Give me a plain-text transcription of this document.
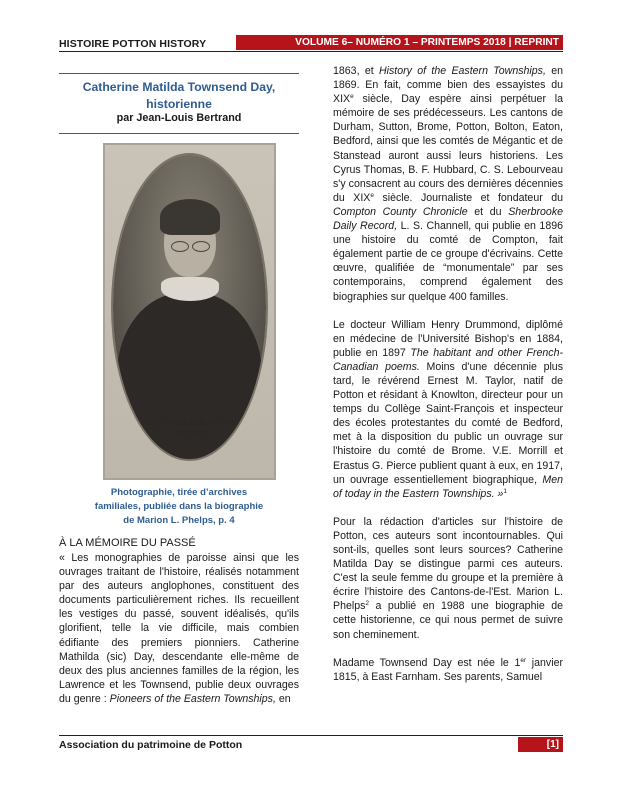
HISTOIRE POTTON HISTORY	VOLUME 6– NUMÉRO 1 – PRINTEMPS 2018 | REPRINT
Catherine Matilda Townsend Day,
historienne
par Jean-Louis Bertrand
MRS. CATHERINE M. DAY
1815-1899
Photographie, tirée d’archives
familiales, publiée dans la biographie
de Marion L. Phelps, p. 4
À LA MÉMOIRE DU PASSÉ

« Les monographies de paroisse ainsi que les ouvrages traitant de l'histoire, réalisés notamment par des auteurs anglophones, constituent des documents particulièrement riches. Ils recueillent les vestiges du passé, souvent idéalisés, qu'ils glorifient, telle la vie difficile, mais combien édifiante des premiers pionniers. Catherine Mathilda (sic) Day, descendante elle-même de deux des plus anciennes familles de la région, les Lawrence et les Townsend, publie deux ouvrages du genre : Pioneers of the Eastern Townships, en

1863, et History of the Eastern Townships, en 1869. En fait, comme bien des essayistes du XIXe siècle, Day espère ainsi perpétuer la mémoire de ses prédécesseurs. Les cantons de Durham, Sutton, Brome, Potton, Bolton, Eaton, Bedford, ainsi que les comtés de Mégantic et de Stanstead auront aussi leurs historiens. Les Cyrus Thomas, B. F. Hubbard, C. S. Lebourveau s'y consacrent au cours des dernières décennies du XIXe siècle. Journaliste et fondateur du Compton County Chronicle et du Sherbrooke Daily Record, L. S. Channell, qui publie en 1896 une histoire du comté de Compton, fait également partie de ce groupe d'écrivains. Cette œuvre, qualifiée de “monumentale” par ses contemporains, comprend également des biographies sur quelque 400 familles.

Le docteur William Henry Drummond, diplômé en médecine de l'Université Bishop's en 1884, publie en 1897 The habitant and other French-Canadian poems. Moins d'une décennie plus tard, le révérend Ernest M. Taylor, natif de Potton et résidant à Knowlton, directeur pour un temps du Collège Saint-François et inspecteur des écoles protestantes du comté de Bedford, met à la disposition du public un ouvrage sur l'histoire du comté de Brome. V.E. Morrill et Erastus G. Pierce publient quant à eux, en 1917, un ouvrage essentiellement biographique, Men of today in the Eastern Townships. »$^1$

Pour la rédaction d'articles sur l'histoire de Potton, ces auteurs sont incontournables. Qui sont-ils, quelles sont leurs sources? Catherine Matilda Day se distingue parmi ces auteurs. C'est la seule femme du groupe et la première à écrire l'histoire des Cantons-de-l'Est. Marion L. Phelps$^2$ a publié en 1988 une biographie de cette historienne, ce qui nous permet de suivre son cheminement.

Madame Townsend Day est née le 1er janvier 1815, à East Farnham. Ses parents, Samuel

Association du patrimoine de Potton	[1]
